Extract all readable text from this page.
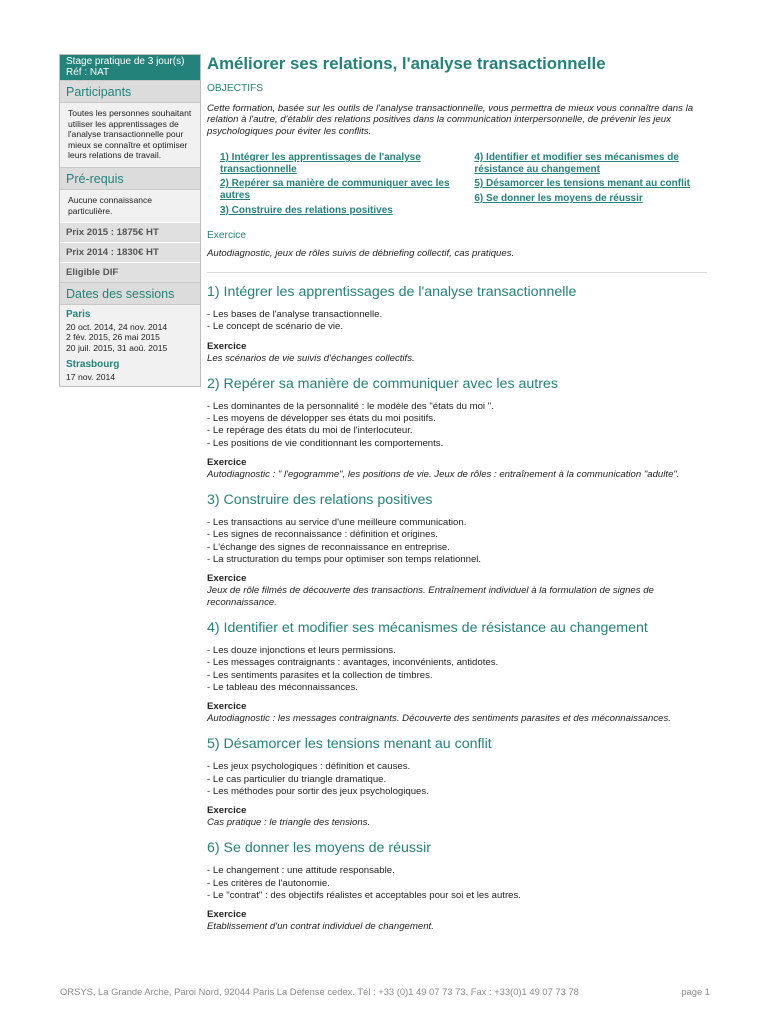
Stage pratique de 3 jour(s)
Réf : NAT
Participants
Toutes les personnes souhaitant utiliser les apprentissages de l'analyse transactionnelle pour mieux se connaître et optimiser leurs relations de travail.
Pré-requis
Aucune connaissance particulière.
Prix 2015 : 1875€ HT
Prix 2014 : 1830€ HT
Eligible DIF
Dates des sessions
Paris
20 oct. 2014, 24 nov. 2014
2 fév. 2015, 26 mai 2015
20 juil. 2015, 31 aoû. 2015
Strasbourg
17 nov. 2014
Améliorer ses relations, l'analyse transactionnelle
OBJECTIFS
Cette formation, basée sur les outils de l'analyse transactionnelle, vous permettra de mieux vous connaître dans la relation à l'autre, d'établir des relations positives dans la communication interpersonnelle, de prévenir les jeux psychologiques pour éviter les conflits.
1) Intégrer les apprentissages de l'analyse transactionnelle
2) Repérer sa manière de communiquer avec les autres
3) Construire des relations positives
4) Identifier et modifier ses mécanismes de résistance au changement
5) Désamorcer les tensions menant au conflit
6) Se donner les moyens de réussir
Exercice
Autodiagnostic, jeux de rôles suivis de débriefing collectif, cas pratiques.
1) Intégrer les apprentissages de l'analyse transactionnelle
- Les bases de l'analyse transactionnelle.
- Le concept de scénario de vie.
Exercice
Les scénarios de vie suivis d'échanges collectifs.
2) Repérer sa manière de communiquer avec les autres
- Les dominantes de la personnalité : le modèle des "états du moi ".
- Les moyens de développer ses états du moi positifs.
- Le repérage des états du moi de l'interlocuteur.
- Les positions de vie conditionnant les comportements.
Exercice
Autodiagnostic : " l'egogramme", les positions de vie. Jeux de rôles : entraînement à la communication "adulte".
3) Construire des relations positives
- Les transactions au service d'une meilleure communication.
- Les signes de reconnaissance : définition et origines.
- L'échange des signes de reconnaissance en entreprise.
- La structuration du temps pour optimiser son temps relationnel.
Exercice
Jeux de rôle filmés de découverte des transactions. Entraînement individuel à la formulation de signes de reconnaissance.
4) Identifier et modifier ses mécanismes de résistance au changement
- Les douze injonctions et leurs permissions.
- Les messages contraignants : avantages, inconvénients, antidotes.
- Les sentiments parasites et la collection de timbres.
- Le tableau des méconnaissances.
Exercice
Autodiagnostic : les messages contraignants. Découverte des sentiments parasites et des méconnaissances.
5) Désamorcer les tensions menant au conflit
- Les jeux psychologiques : définition et causes.
- Le cas particulier du triangle dramatique.
- Les méthodes pour sortir des jeux psychologiques.
Exercice
Cas pratique : le triangle des tensions.
6) Se donner les moyens de réussir
- Le changement : une attitude responsable.
- Les critères de l'autonomie.
- Le "contrat" : des objectifs réalistes et acceptables pour soi et les autres.
Exercice
Etablissement d'un contrat individuel de changement.
ORSYS, La Grande Arche, Paroi Nord, 92044 Paris La Défense cedex. Tél : +33 (0)1 49 07 73 73. Fax : +33(0)1 49 07 73 78	page 1
